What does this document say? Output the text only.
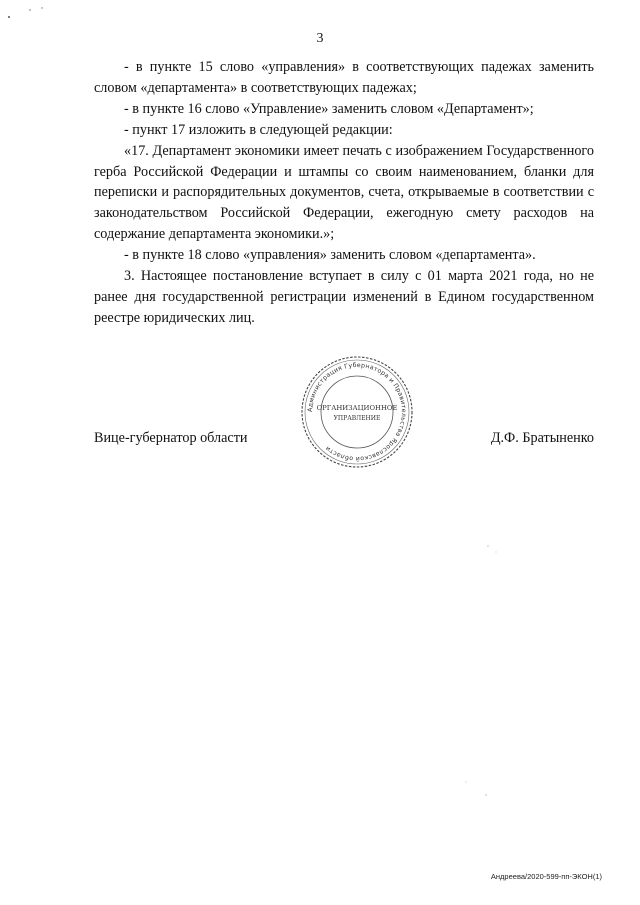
3

- в пункте 15 слово «управления» в соответствующих падежах заменить словом «департамента» в соответствующих падежах;

- в пункте 16 слово «Управление» заменить словом «Департамент»;

- пункт 17 изложить в следующей редакции:

«17. Департамент экономики имеет печать с изображением Государственного герба Российской Федерации и штампы со своим наименованием, бланки для переписки и распорядительных документов, счета, открываемые в соответствии с законодательством Российской Федерации, ежегодную смету расходов на содержание департамента экономики.»;

- в пункте 18 слово «управления» заменить словом «департамента».

3. Настоящее постановление вступает в силу с 01 марта 2021 года, но не ранее дня государственной регистрации изменений в Едином государственном реестре юридических лиц.

Вице-губернатор области	Д.Ф. Братыненко
Администрация Губернатора и Правительства Ярославской области
ОРГАНИЗАЦИОННОЕ
УПРАВЛЕНИЕ
Андреева/2020-599-пп-ЭКОН(1)
